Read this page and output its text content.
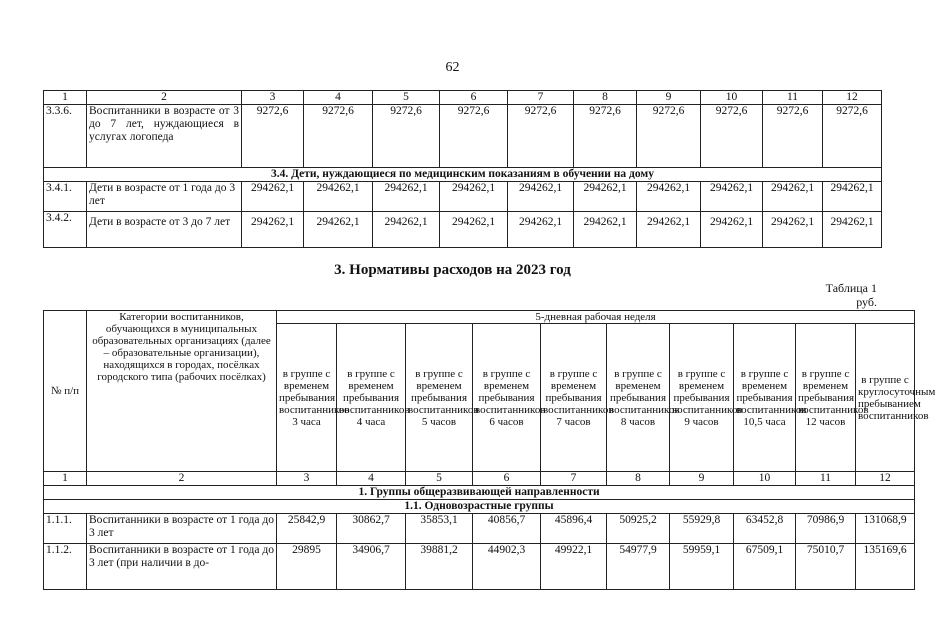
62
1	2	3	4	5	6	7	8	9	10	11	12
3.3.6.	Воспитанники в возрасте от 3 до 7 лет, нуждающиеся в услугах логопеда	9272,6	9272,6	9272,6	9272,6	9272,6	9272,6	9272,6	9272,6	9272,6	9272,6
3.4. Дети, нуждающиеся по медицинским показаниям в обучении на дому											
3.4.1.	Дети в возрасте от 1 года до 3 лет	294262,1	294262,1	294262,1	294262,1	294262,1	294262,1	294262,1	294262,1	294262,1	294262,1
3.4.2.	Дети в возрасте от 3 до 7 лет	294262,1	294262,1	294262,1	294262,1	294262,1	294262,1	294262,1	294262,1	294262,1	294262,1
3. Нормативы расходов на 2023 год
Таблица 1
руб.
№ п/п	Категории воспитанников, обучающихся в муниципальных образовательных организациях (далее – образовательные организации), находящихся в городах, посёлках городского типа (рабочих посёлках)	5-дневная рабочая неделя									
		в группе с временем пребывания воспитанников 3 часа	в группе с временем пребывания воспитанников 4 часа	в группе с временем пребывания воспитанников 5 часов	в группе с временем пребывания воспитанников 6 часов	в группе с временем пребывания воспитанников 7 часов	в группе с временем пребывания воспитанников 8 часов	в группе с временем пребывания воспитанников 9 часов	в группе с временем пребывания воспитанников 10,5 часа	в группе с временем пребывания воспитанников 12 часов	в группе с круглосуточным пребыванием воспитанников
1	2	3	4	5	6	7	8	9	10	11	12
1. Группы общеразвивающей направленности											
1.1. Одновозрастные группы											
1.1.1.	Воспитанники в возрасте от 1 года до 3 лет	25842,9	30862,7	35853,1	40856,7	45896,4	50925,2	55929,8	63452,8	70986,9	131068,9
1.1.2.	Воспитанники в возрасте от 1 года до 3 лет (при наличии в до-	29895	34906,7	39881,2	44902,3	49922,1	54977,9	59959,1	67509,1	75010,7	135169,6
